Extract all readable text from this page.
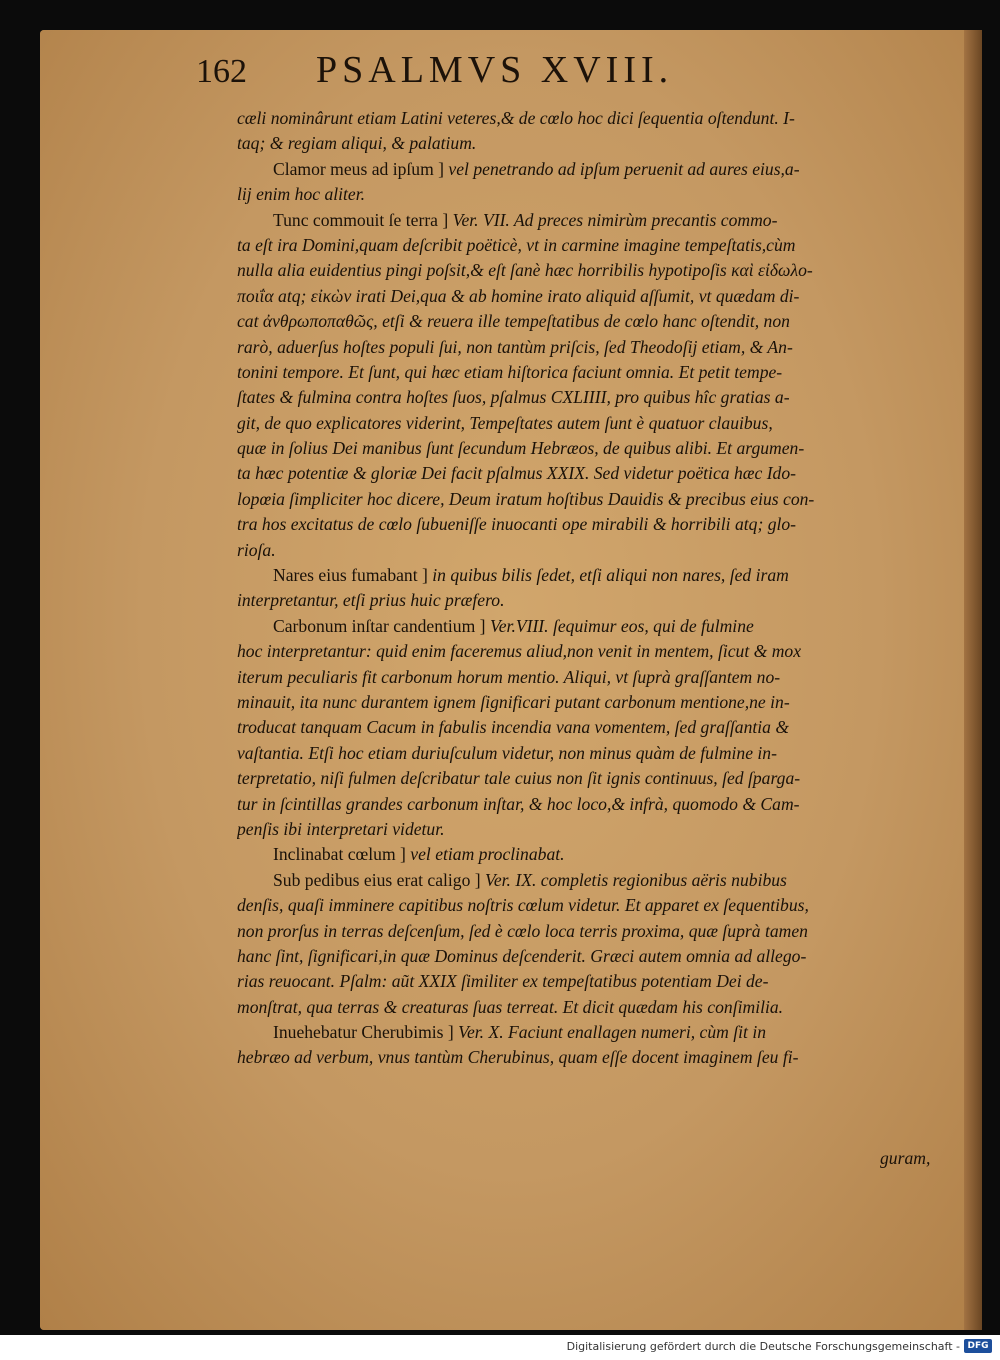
162	PSALMVS XVIII.
cæli nominârunt etiam Latini veteres,& de cœlo hoc dici ſequentia oſtendunt. I-
taq; & regiam aliqui, & palatium.
Clamor meus ad ipſum ] vel penetrando ad ipſum peruenit ad aures eius,a-
lij enim hoc aliter.
Tunc commouit ſe terra ] Ver. VII. Ad preces nimirùm precantis commo-
ta eſt ira Domini,quam deſcribit poëticè, vt in carmine imagine tempeſtatis,cùm
nulla alia euidentius pingi poſsit,& eſt ſanè hæc horribilis hypotipoſis καὶ εἰδωλο-
ποιΐα atq; εἰκὼν irati Dei,qua & ab homine irato aliquid aſſumit, vt quædam di-
cat ἀνθρωποπαθῶς, etſi & reuera ille tempeſtatibus de cœlo hanc oſtendit, non
rarò, aduerſus hoſtes populi ſui, non tantùm priſcis, ſed Theodoſij etiam, & An-
tonini tempore. Et ſunt, qui hæc etiam hiſtorica faciunt omnia. Et petit tempe-
ſtates & fulmina contra hoſtes ſuos, pſalmus CXLIIII, pro quibus hîc gratias a-
git, de quo explicatores viderint, Tempeſtates autem ſunt è quatuor clauibus,
quæ in ſolius Dei manibus ſunt ſecundum Hebræos, de quibus alibi. Et argumen-
ta hæc potentiæ & gloriæ Dei facit pſalmus XXIX. Sed videtur poëtica hæc Ido-
lopœia ſimpliciter hoc dicere, Deum iratum hoſtibus Dauidis & precibus eius con-
tra hos excitatus de cœlo ſubueniſſe inuocanti ope mirabili & horribili atq; glo-
rioſa.
Nares eius fumabant ] in quibus bilis ſedet, etſi aliqui non nares, ſed iram
interpretantur, etſi prius huic præfero.
Carbonum inſtar candentium ] Ver.VIII. ſequimur eos, qui de fulmine
hoc interpretantur: quid enim faceremus aliud,non venit in mentem, ſicut & mox
iterum peculiaris fit carbonum horum mentio. Aliqui, vt ſuprà graſſantem no-
minauit, ita nunc durantem ignem ſignificari putant carbonum mentione,ne in-
troducat tanquam Cacum in fabulis incendia vana vomentem, ſed graſſantia &
vaſtantia. Etſi hoc etiam duriuſculum videtur, non minus quàm de fulmine in-
terpretatio, niſi fulmen deſcribatur tale cuius non ſit ignis continuus, ſed ſparga-
tur in ſcintillas grandes carbonum inſtar, & hoc loco,& infrà, quomodo & Cam-
penſis ibi interpretari videtur.
Inclinabat cœlum ] vel etiam proclinabat.
Sub pedibus eius erat caligo ] Ver. IX. completis regionibus aëris nubibus
denſis, quaſi imminere capitibus noſtris cœlum videtur. Et apparet ex ſequentibus,
non prorſus in terras deſcenſum, ſed è cœlo loca terris proxima, quæ ſuprà tamen
hanc ſint, ſignificari,in quæ Dominus deſcenderit. Græci autem omnia ad allego-
rias reuocant. Pſalm: aũt XXIX ſimiliter ex tempeſtatibus potentiam Dei de-
monſtrat, qua terras & creaturas ſuas terreat. Et dicit quædam his conſimilia.
Inuehebatur Cherubimis ] Ver. X. Faciunt enallagen numeri, cùm ſit in
hebræo ad verbum, vnus tantùm Cherubinus, quam eſſe docent imaginem ſeu fi-
guram,
Digitalisierung gefördert durch die Deutsche Forschungsgemeinschaft - DFG
